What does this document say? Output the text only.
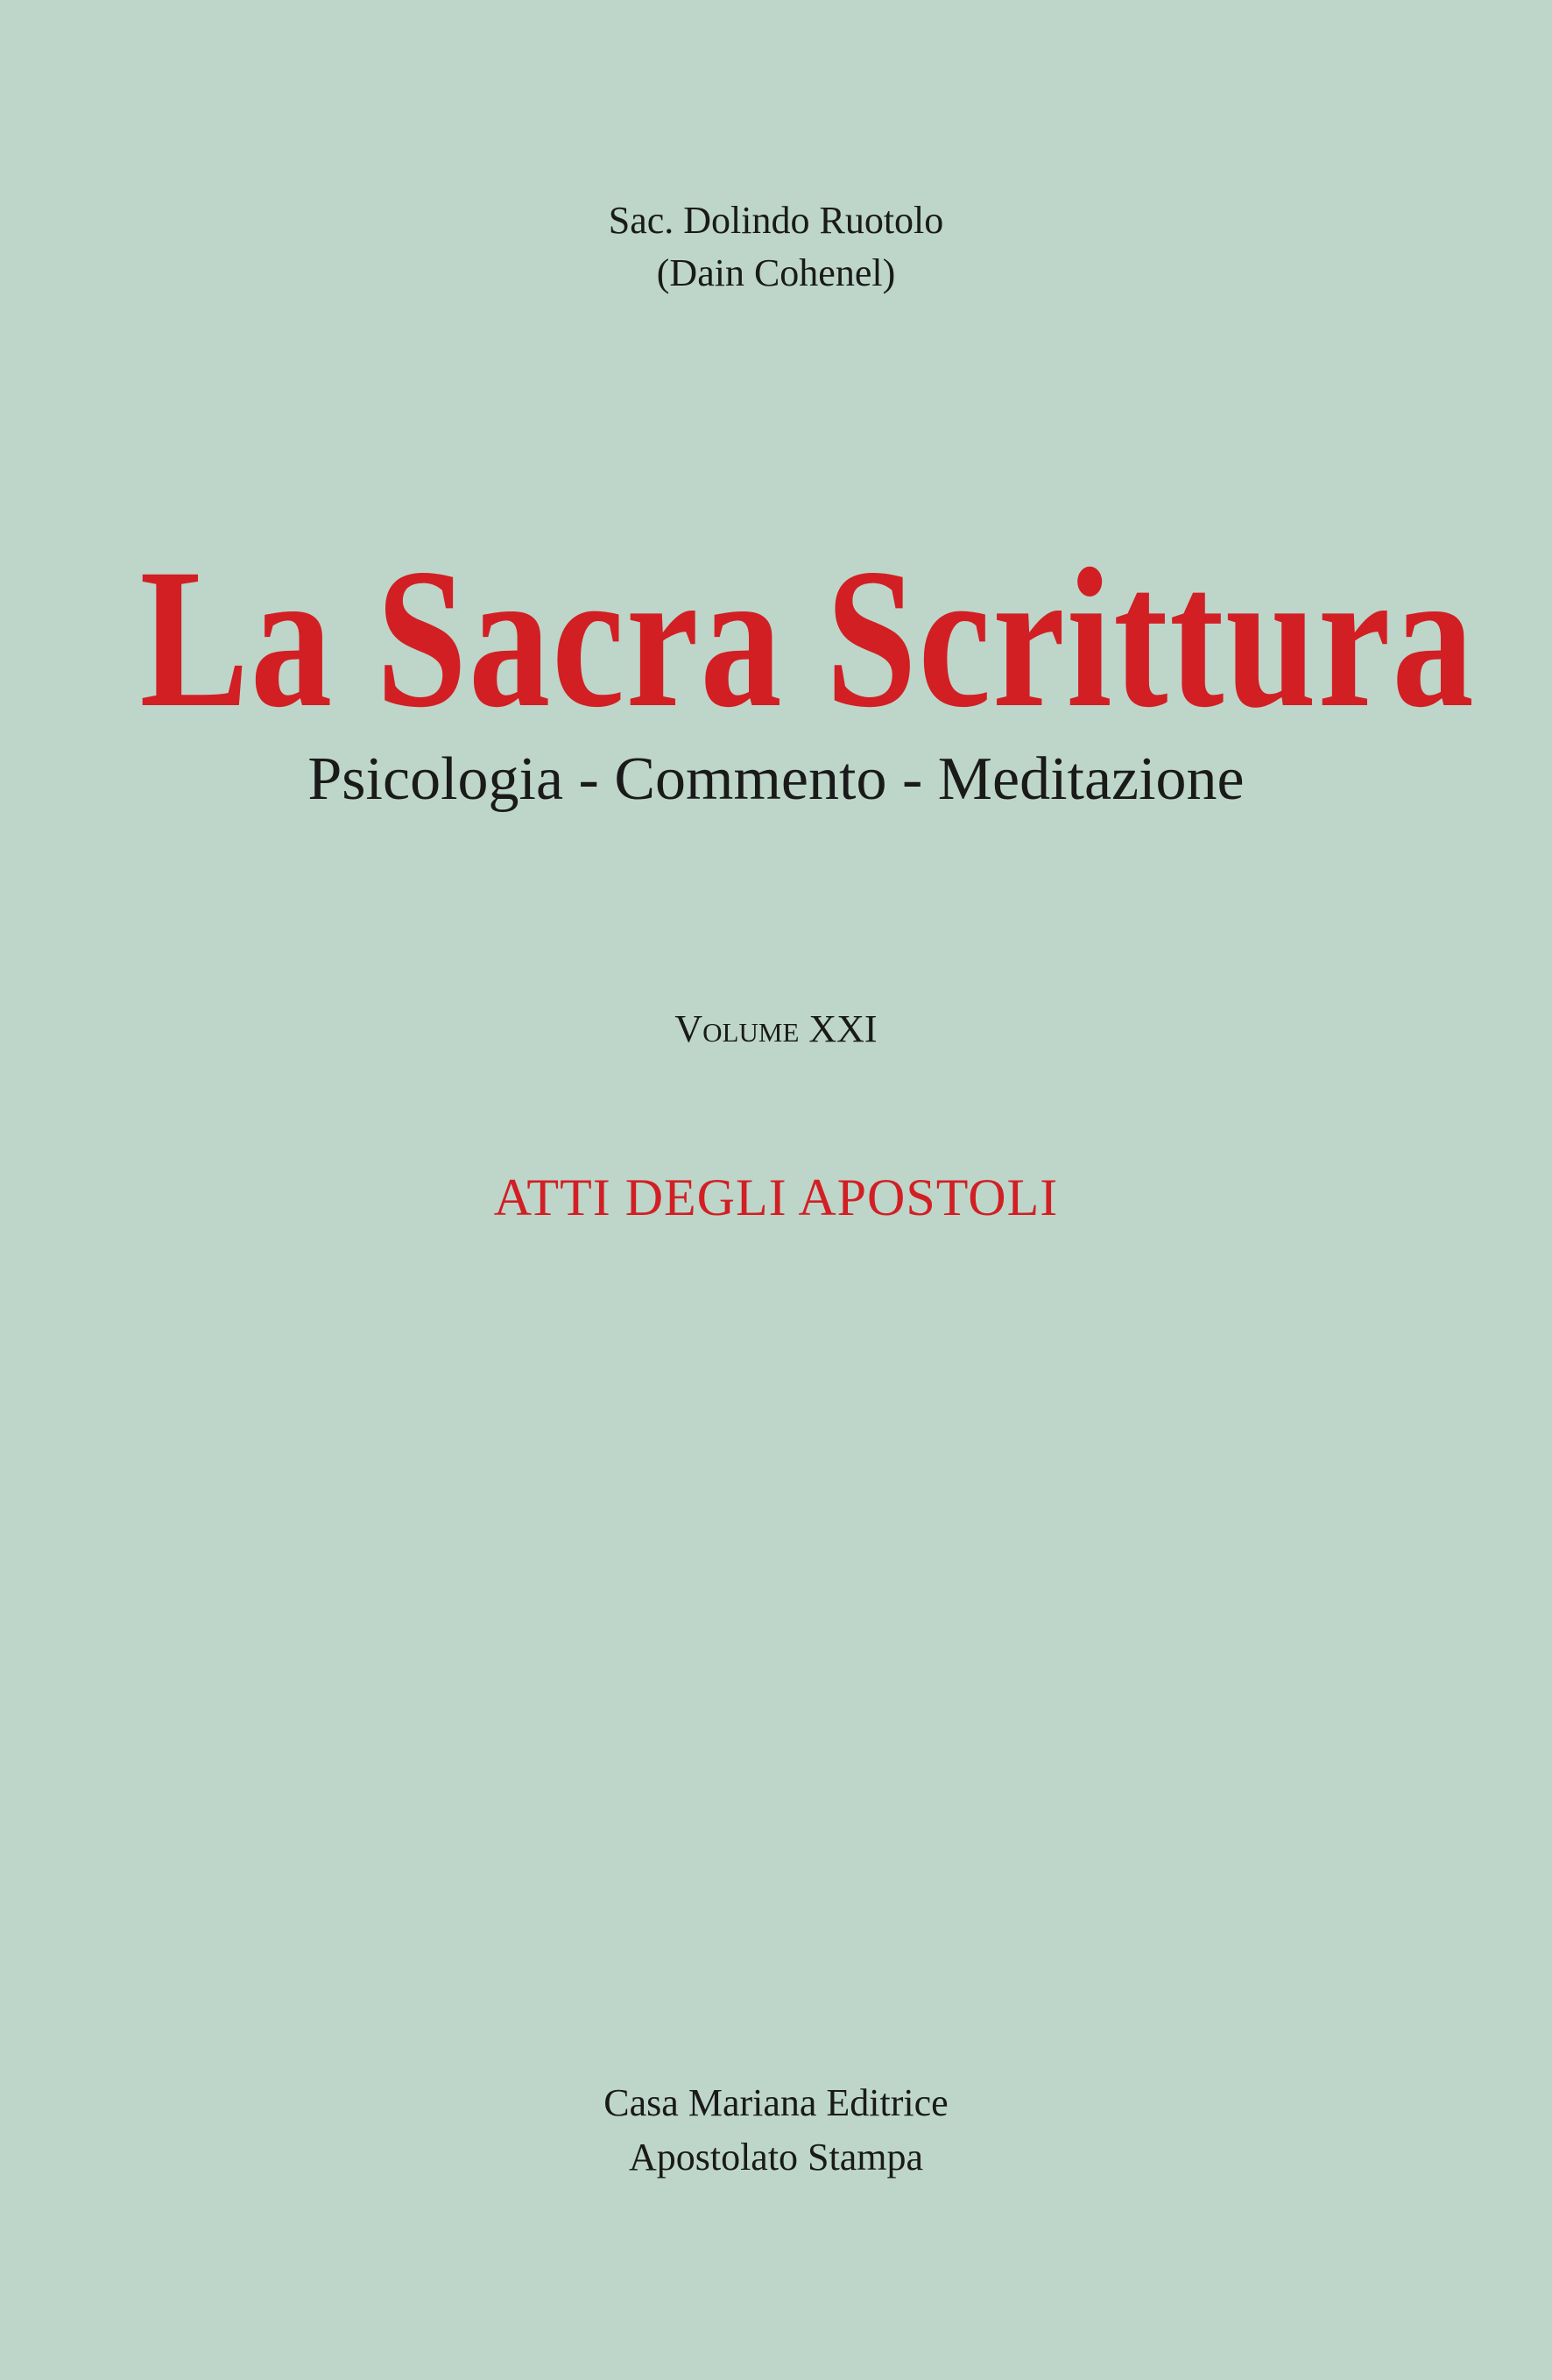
Sac. Dolindo Ruotolo
(Dain Cohenel)
La Sacra Scrittura
Psicologia - Commento - Meditazione
Volume XXI
ATTI DEGLI APOSTOLI
Casa Mariana Editrice
Apostolato Stampa
